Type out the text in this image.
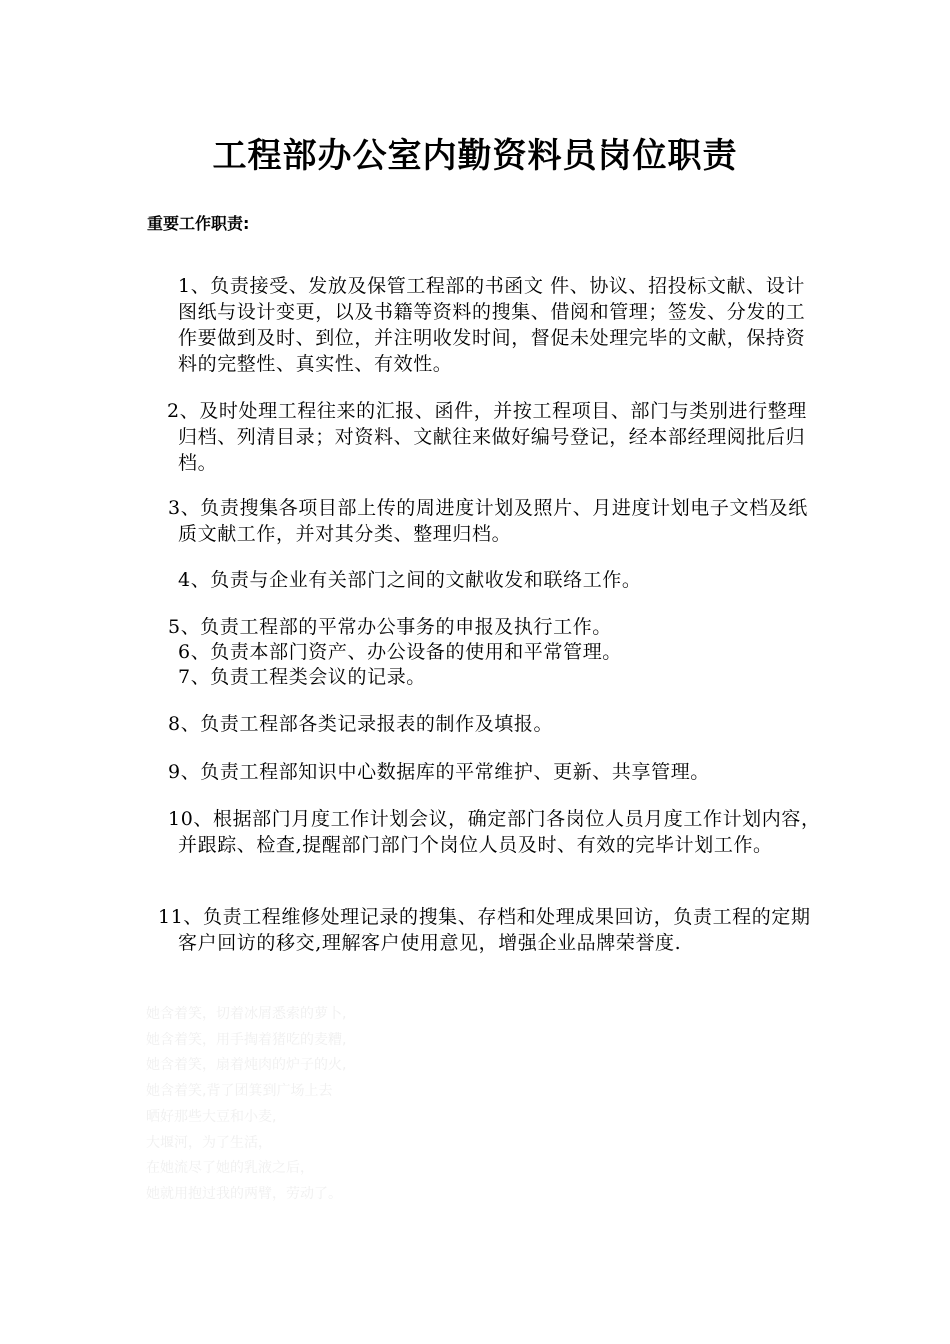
工程部办公室内勤资料员岗位职责
重要工作职责:
1、负责接受、发放及保管工程部的书函文 件、协议、招投标文献、设计图纸与设计变更，以及书籍等资料的搜集、借阅和管理；签发、分发的工作要做到及时、到位，并注明收发时间，督促未处理完毕的文献，保持资料的完整性、真实性、有效性。
2、及时处理工程往来的汇报、函件，并按工程项目、部门与类别进行整理归档、列清目录；对资料、文献往来做好编号登记，经本部经理阅批后归档。
3、负责搜集各项目部上传的周进度计划及照片、月进度计划电子文档及纸质文献工作，并对其分类、整理归档。
4、负责与企业有关部门之间的文献收发和联络工作。
5、负责工程部的平常办公事务的申报及执行工作。
6、负责本部门资产、办公设备的使用和平常管理。
7、负责工程类会议的记录。
8、负责工程部各类记录报表的制作及填报。
9、负责工程部知识中心数据库的平常维护、更新、共享管理。
10、根据部门月度工作计划会议，确定部门各岗位人员月度工作计划内容，并跟踪、检查,提醒部门部门个岗位人员及时、有效的完毕计划工作。
11、负责工程维修处理记录的搜集、存档和处理成果回访，负责工程的定期客户回访的移交,理解客户使用意见，增强企业品牌荣誉度.
她含着笑，切着冰屑悉索的萝卜,
她含着笑，用手掏着猪吃的麦糟,
她含着笑，扇着炖肉的炉子的火,
她含着笑,背了团箕到广场上去
晒好那些大豆和小麦,
大堰河，为了生活，
在她流尽了她的乳液之后，
她就用抱过我的两臂，劳动了。
